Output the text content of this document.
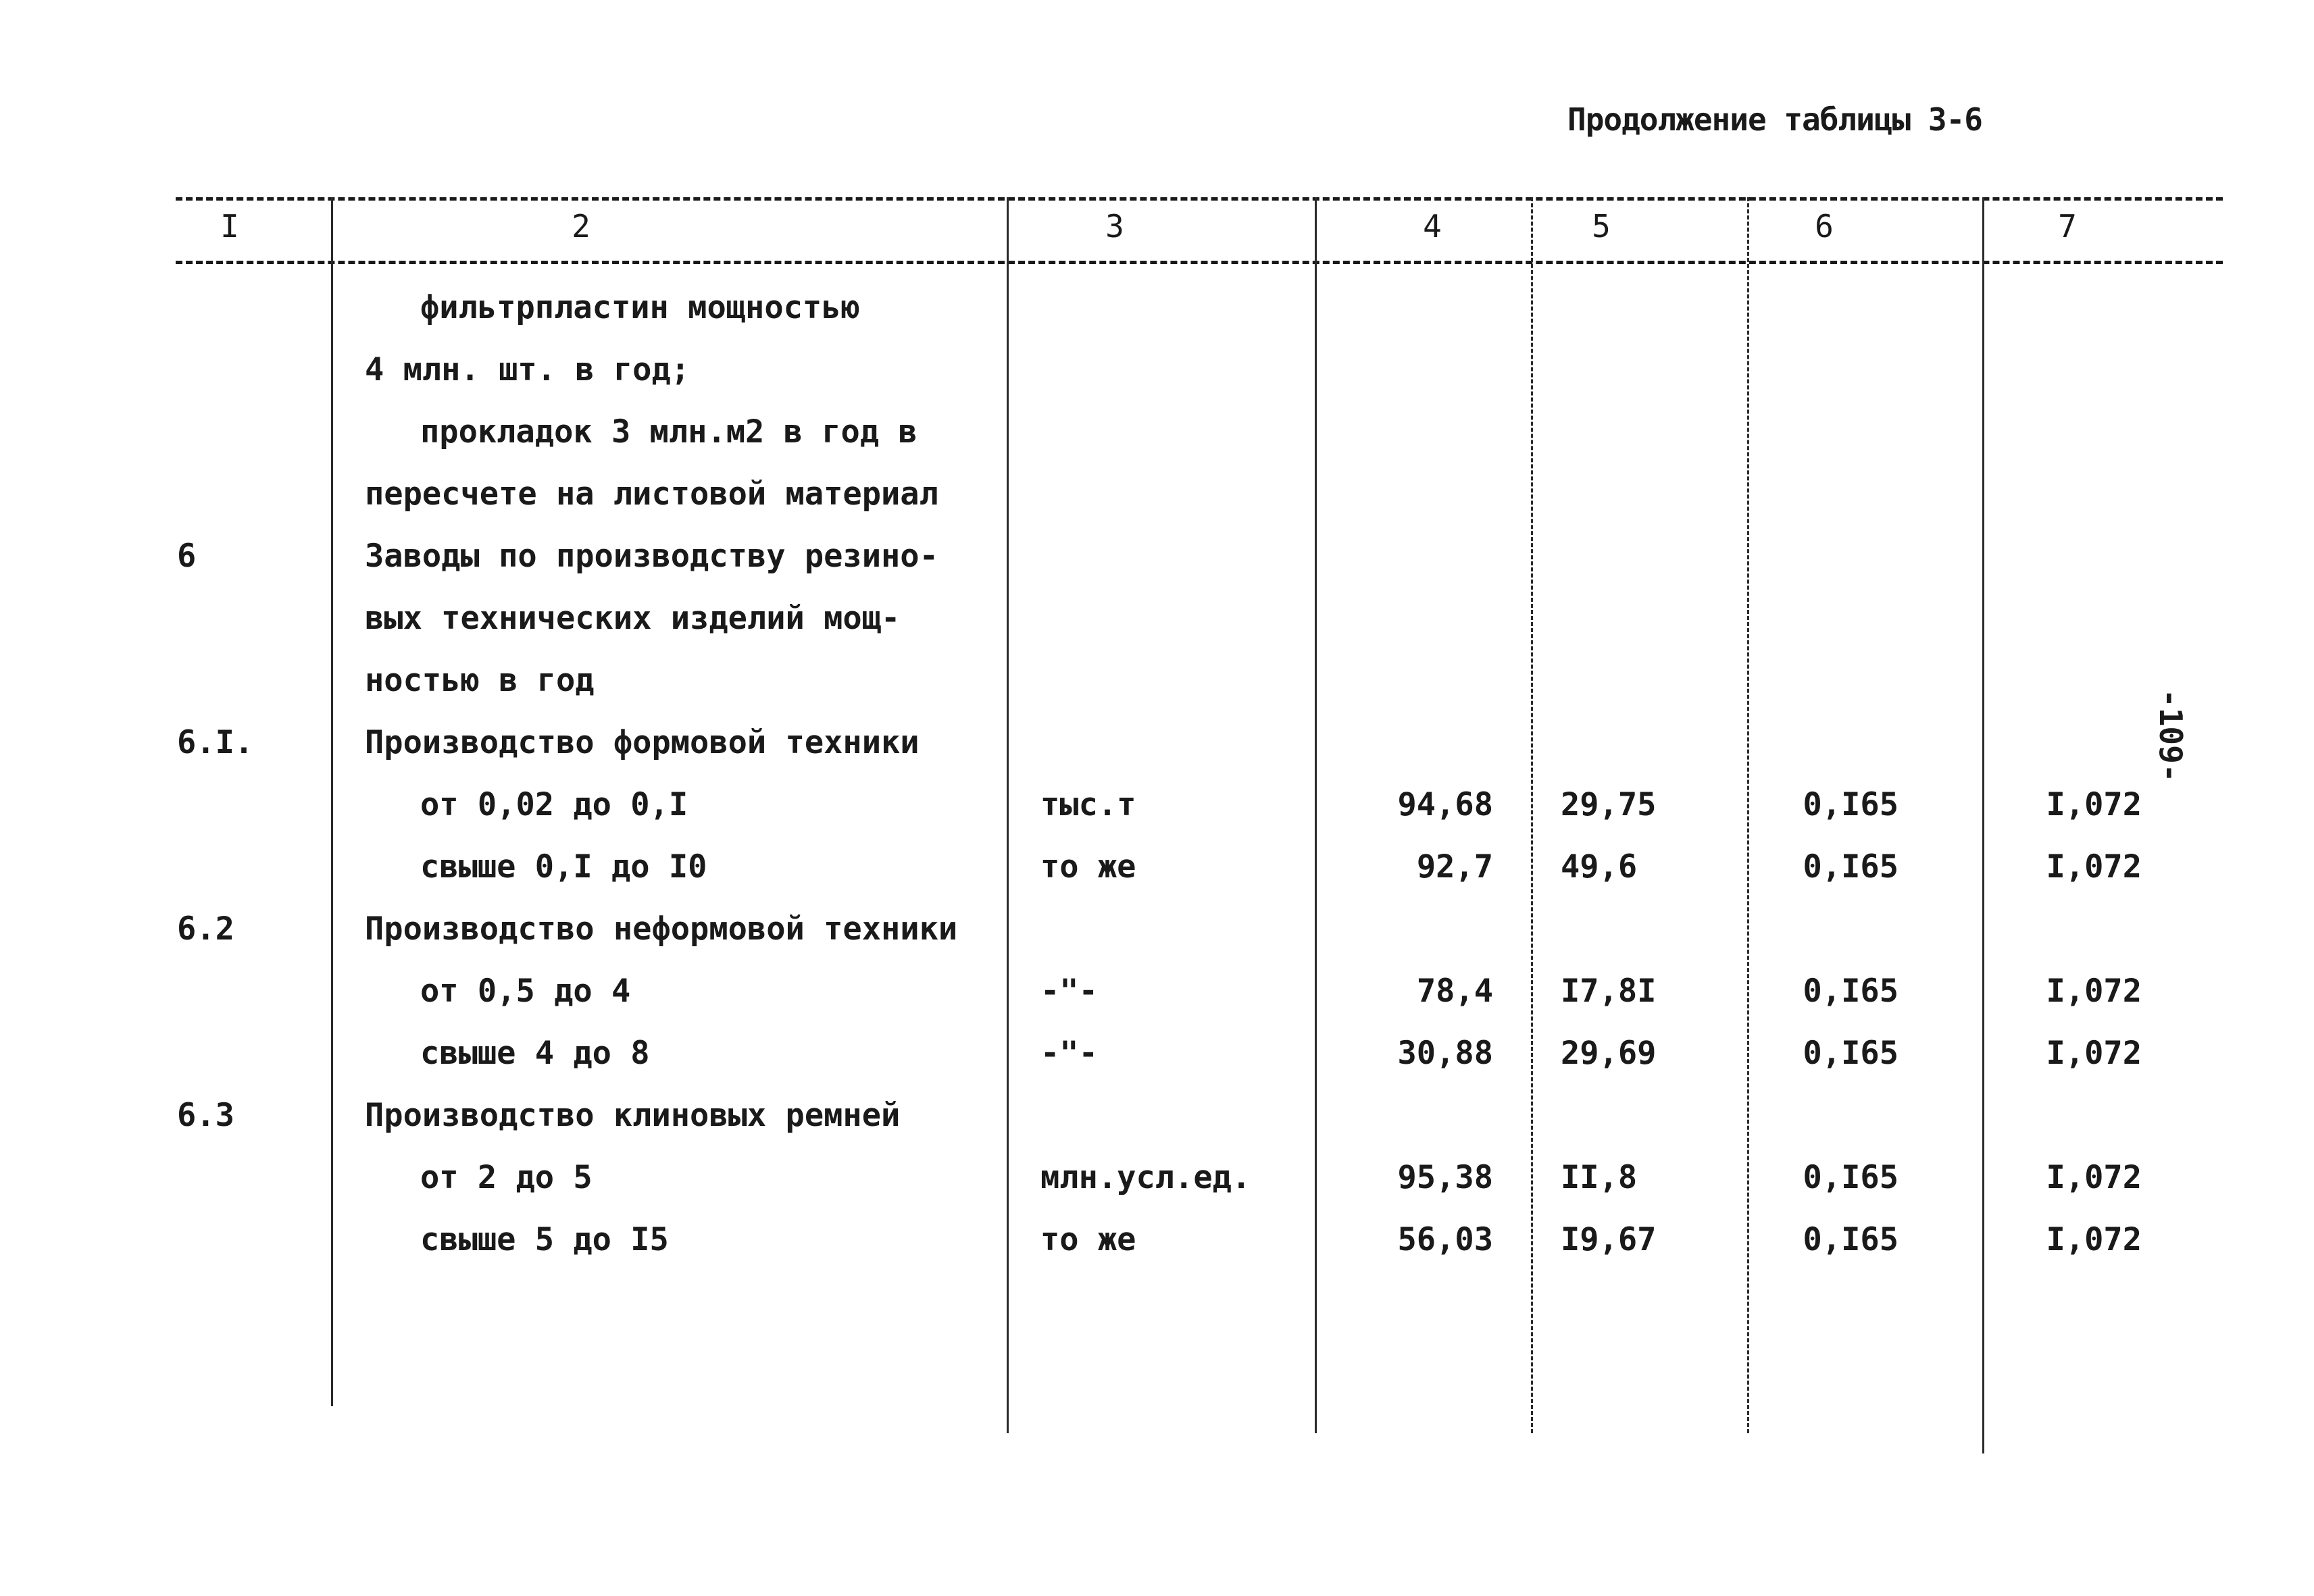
Продолжение таблицы 3-6
-109-
I	2	3	4	5	6	7
фильтрпластин мощностью
4 млн. шт. в год;
прокладок 3 млн.м2 в год в
пересчете на листовой материал
6	Заводы по производству резино-
вых технических изделий мощ-
ностью в год
6.I.	Производство формовой техники
от 0,02 до 0,I	тыс.т	94,68 29,75	0,I65	I,072
свыше 0,I до I0	то же	92,7 49,6	0,I65	I,072
6.2	Производство неформовой техники
от 0,5 до 4	-"-	78,4 I7,8I	0,I65	I,072
свыше 4 до 8	-"-	30,88 29,69	0,I65	I,072
6.3	Производство клиновых ремней
от 2 до 5	млн.усл.ед.	95,38 II,8	0,I65	I,072
свыше 5 до I5	то же	56,03 I9,67	0,I65	I,072
